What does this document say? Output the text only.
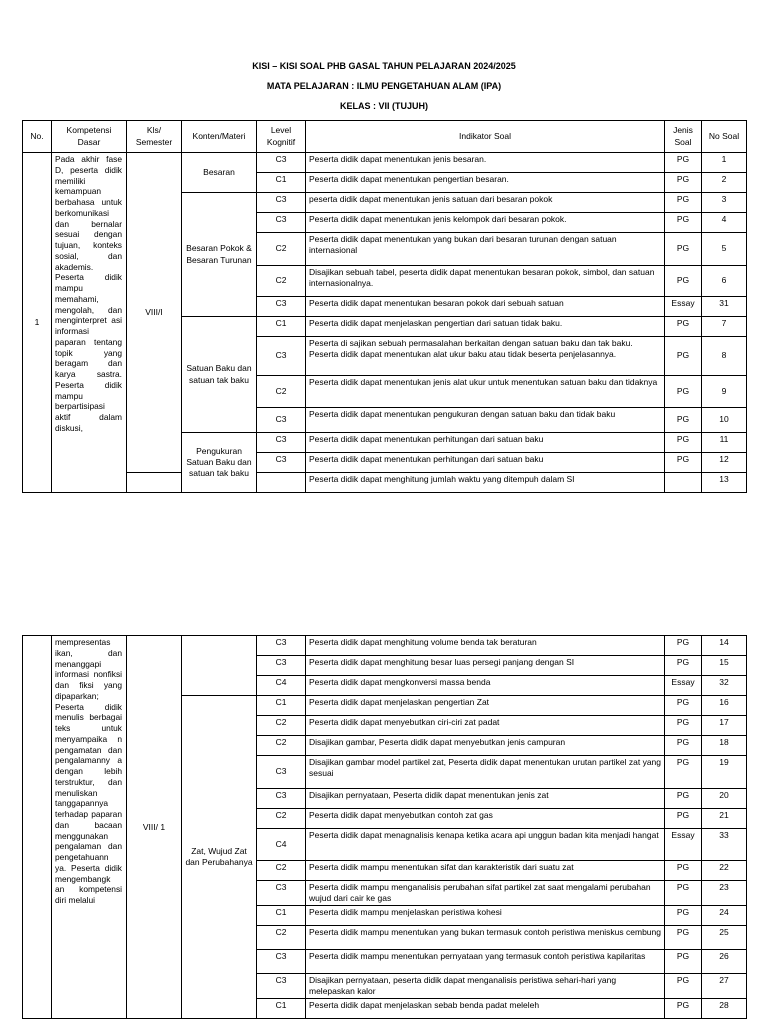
KISI – KISI SOAL PHB GASAL TAHUN PELAJARAN 2024/2025
MATA PELAJARAN : ILMU PENGETAHUAN ALAM (IPA)
KELAS : VII (TUJUH)
No.	Kompetensi Dasar	Kls/ Semester	Konten/Materi	Level Kognitif	Indikator Soal	Jenis Soal	No Soal
1	Pada akhir fase D, peserta didik memiliki kemampuan berbahasa untuk berkomunikasi dan bernalar sesuai dengan tujuan, konteks sosial, dan akademis. Peserta didik mampu memahami, mengolah, dan menginterpret asi informasi paparan tentang topik yang beragam dan karya sastra. Peserta didik mampu berpartisipasi aktif dalam diskusi,	VIII/I	Besaran	C3	Peserta didik dapat menentukan jenis besaran.	PG	1
				C1	Peserta didik dapat menentukan pengertian besaran.	PG	2
			Besaran Pokok & Besaran Turunan	C3	peserta didik dapat menentukan jenis satuan dari besaran pokok	PG	3
				C3	Peserta didik dapat menentukan jenis kelompok dari besaran pokok.	PG	4
				C2	Peserta didik dapat menentukan yang bukan dari besaran turunan dengan satuan internasional	PG	5
				C2	Disajikan sebuah tabel, peserta didik dapat menentukan besaran pokok, simbol, dan satuan internasionalnya.	PG	6
				C3	Peserta didik dapat menentukan besaran pokok dari sebuah satuan	Essay	31
			Satuan Baku dan satuan tak baku	C1	Peserta didik dapat menjelaskan pengertian dari satuan tidak baku.	PG	7
				C3	Peserta di sajikan sebuah permasalahan berkaitan dengan satuan baku dan tak baku. Peserta didik dapat menentukan alat ukur baku atau tidak beserta penjelasannya.	PG	8
				C2	Peserta didik dapat menentukan jenis alat ukur untuk menentukan satuan baku dan tidaknya	PG	9
				C3	Peserta didik dapat menentukan pengukuran dengan satuan baku dan tidak baku	PG	10
			Pengukuran Satuan Baku dan satuan tak baku	C3	Peserta didik dapat menentukan perhitungan dari satuan baku	PG	11
				C3	Peserta didik dapat menentukan perhitungan dari satuan baku	PG	12
					Peserta didik dapat menghitung jumlah waktu yang ditempuh dalam SI		13
	mempresentas ikan, dan menanggapi informasi nonfiksi dan fiksi yang dipaparkan; Peserta didik menulis berbagai teks untuk menyampaika n pengamatan dan pengalamanny a dengan lebih terstruktur, dan menuliskan tanggapannya terhadap paparan dan bacaan menggunakan pengalaman dan pengetahuann ya. Peserta didik mengembangk an kompetensi diri melalui	VIII/ 1		C3	Peserta didik dapat menghitung volume benda tak beraturan	PG	14
				C3	Peserta didik dapat menghitung besar luas persegi panjang dengan SI	PG	15
				C4	Peserta didik dapat mengkonversi massa benda	Essay	32
			Zat, Wujud Zat dan Perubahanya	C1	Peserta didik dapat menjelaskan pengertian Zat	PG	16
				C2	Peserta didik dapat menyebutkan ciri-ciri zat padat	PG	17
				C2	Disajikan gambar, Peserta didik dapat menyebutkan jenis campuran	PG	18
				C3	Disajikan gambar model partikel zat, Peserta didik dapat menentukan urutan partikel zat yang sesuai	PG	19
				C3	Disajikan pernyataan, Peserta didik dapat menentukan jenis zat	PG	20
				C2	Peserta didik dapat menyebutkan contoh zat gas	PG	21
				C4	Peserta didik dapat menagnalisis kenapa ketika acara api unggun badan kita menjadi hangat	Essay	33
				C2	Peserta didik mampu menentukan sifat dan karakteristik dari suatu zat	PG	22
				C3	Peserta didik mampu menganalisis perubahan sifat partikel zat saat mengalami perubahan wujud dari cair ke gas	PG	23
				C1	Peserta didik mampu menjelaskan peristiwa kohesi	PG	24
				C2	Peserta didik mampu menentukan yang bukan termasuk contoh peristiwa meniskus cembung	PG	25
				C3	Peserta didik mampu menentukan pernyataan yang termasuk contoh peristiwa kapilaritas	PG	26
				C3	Disajikan pernyataan, peserta didik dapat menganalisis peristiwa sehari-hari yang melepaskan kalor	PG	27
				C1	Peserta didik dapat menjelaskan sebab benda padat meleleh	PG	28
